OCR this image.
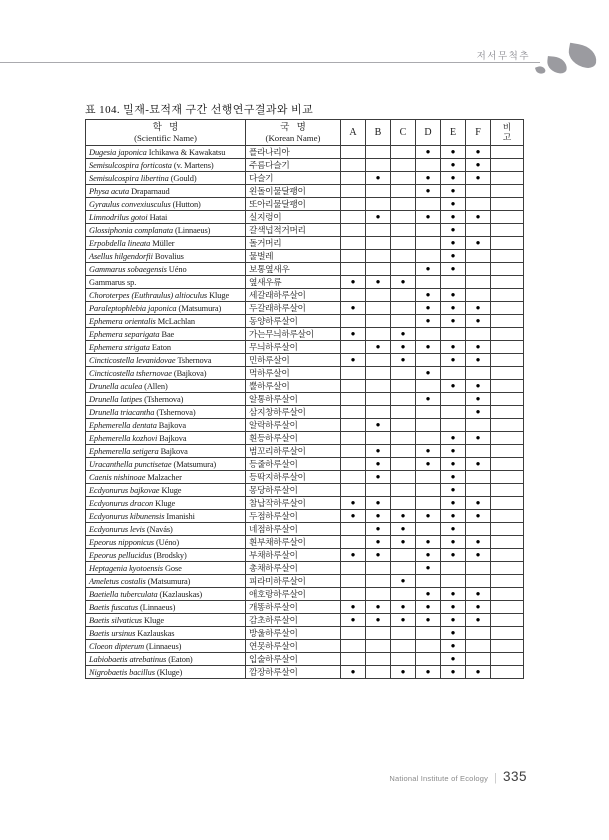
저서무척추
표 104. 밀재-묘적재 구간 선행연구결과와 비교
학   명
(Scientific Name)

국   명
(Korean Name)	A	B	C	D	E	F	비
고

Dugesia japonica Ichikawa & Kawakatsu	플라나리아				●	●	●	
Semisulcospira forticosta (v. Martens)	주름다슬기					●	●	
Semisulcospira libertina (Gould)	다슬기		●		●	●	●	
Physa acuta Draparnaud	왼돌이물달팽이				●	●		
Gyraulus convexiusculus (Hutton)	또아리물달팽이					●		
Limnodrilus gotoi Hatai	실지렁이		●		●	●	●	
Glossiphonia complanata (Linnaeus)	갈색넙적거머리					●		
Erpobdella lineata Müller	돌거머리					●	●	
Asellus hilgendorfii Bovalius	물벌레					●		
Gammarus sobaegensis Uéno	보통옆새우				●	●		
Gammarus sp.	옆새우류	●	●	●				
Choroterpes (Euthraulus) altioculus Kluge	세갈래하루살이				●	●		
Paraleptophlebia japonica (Matsumura)	두갈래하루살이	●			●	●	●	
Ephemera orientalis McLachlan	동양하루살이				●	●	●	
Ephemera separigata Bae	가는무늬하루살이	●		●				
Ephemera strigata Eaton	무늬하루살이		●	●	●	●	●	
Cincticostella levanidovae Tshernova	민하루살이	●		●		●	●	
Cincticostella tshernovae (Bajkova)	먹하루살이				●			
Drunella aculea (Allen)	뿔하루살이					●	●	
Drunella latipes (Tshernova)	알통하루살이				●		●	
Drunella triacantha (Tshernova)	삼지창하루살이						●	
Ephemerella dentata Bajkova	알락하루살이		●					
Ephemerella kozhovi Bajkova	흰등하루살이					●	●	
Ephemerella setigera Bajkova	범꼬리하루살이		●		●	●		
Uracanthella punctisetae (Matsumura)	등줄하루살이		●		●	●	●	
Caenis nishinoae Malzacher	등딱지하루살이		●			●		
Ecdyonurus bajkovae Kluge	몽당하루살이					●		
Ecdyonurus dracon Kluge	참납작하루살이	●	●			●	●	
Ecdyonurus kibunensis Imanishi	두점하루살이	●	●	●	●	●	●	
Ecdyonurus levis (Navás)	네점하루살이		●	●		●		
Epeorus nipponicus (Uéno)	흰부채하루살이		●	●	●	●	●	
Epeorus pellucidus (Brodsky)	부채하루살이	●	●		●	●	●	
Heptagenia kyotoensis Gose	총채하루살이				●			
Ameletus costalis (Matsumura)	피라미하루살이			●				
Baetiella tuberculata (Kazlauskas)	애호랑하루살이				●	●	●	
Baetis fuscatus (Linnaeus)	개똥하루살이	●	●	●	●	●	●	
Baetis silvaticus Kluge	감초하루살이	●	●	●	●	●	●	
Baetis ursinus Kazlauskas	방울하루살이					●		
Cloeon dipterum (Linnaeus)	연못하루살이					●		
Labiobaetis atrebatinus (Eaton)	입술하루살이					●		
Nigrobaetis bacillus (Kluge)	깜장하루살이	●		●	●	●	●	
National Institute of Ecology | 335
